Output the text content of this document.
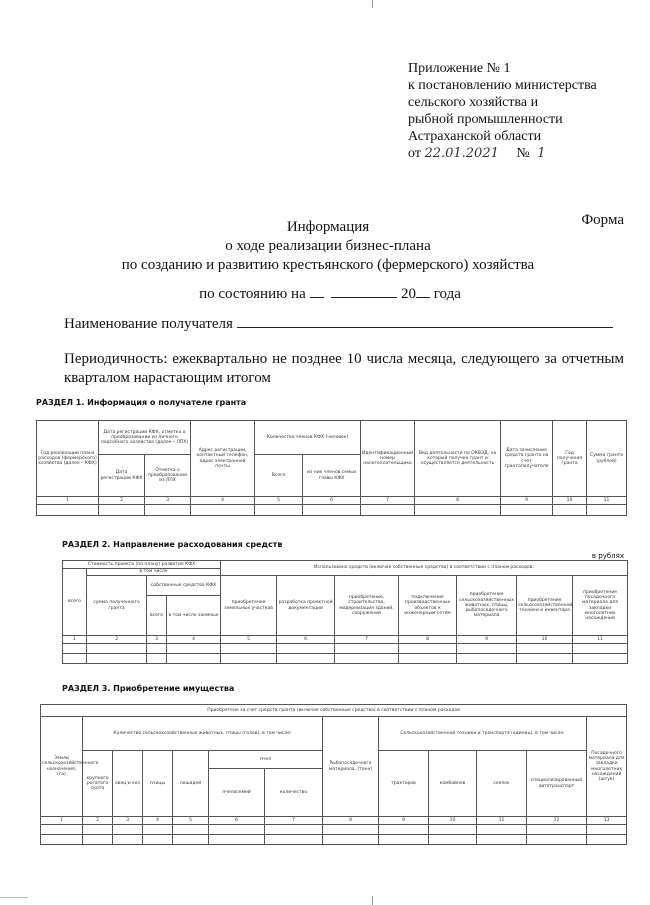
Приложение № 1
к постановлению министерства
сельского хозяйства и
рыбной промышленности
Астраханской области
от 22.01.2021 № 1
Форма
Информация
о ходе реализации бизнес-плана
по созданию и развитию крестьянского (фермерского) хозяйства
по состоянию на	20 года
Наименование получателя
Периодичность: ежеквартально не позднее 10 числа месяца, следующего за отчетным кварталом нарастающим итогом
РАЗДЕЛ 1. Информация о получателе гранта
Год реализации плана расходов (фермерского) хозяйства (далее – КФХ)	Дата регистрации КФХ, отметка о преобразовании из личного подсобного хозяйства (далее – ЛПХ)		Адрес регистрации, контактный телефон, адрес электронной почты	Количество членов КФХ (человек)		Идентификационный номер налогоплательщика	Вид деятельности по ОКВЭД, на который получен грант и осуществляется деятельность	Дата зачисления средств гранта на счет грантополучателя	Год получения гранта	Сумма гранта (рублей)
	Дата регистрации КФХ	Отметка о преобразовании из ЛПХ		Всего	из них членов семьи главы КФХ					
1	2	3	4	5	6	7	8	9	10	11

РАЗДЕЛ 2. Направление расходования средств
в рублях
Стоимость проекта (по плану) развития КФХ				Использовано средств (включая собственные средства) в соответствии с планом расходов:						
всего	в том числе									
	сумма полученного гранта	собственные средства КФХ		приобретение земельных участков	разработка проектной документации	приобретение, строительство, модернизация зданий, сооружений	подключение производственных объектов к инженерным сетям	приобретение сельскохозяйственных животных, птицы, рыбопосадочного материала	приобретение сельскохозяйственной техники и инвентаря	приобретение посадочного материала для закладки многолетних насаждений
		всего	в том числе заемные							
1	2	3	4	5	6	7	8	9	10	11

РАЗДЕЛ 3. Приобретение имущества
Приобретено за счет средств гранта (включая собственные средства) в соответствии с планом расходов												
Земли сельскохозяйственного назначения, (га)	Количество сельскохозяйственных животных, птицы (голов), в том числе:						Рыбопосадочного материала, (тонн)	Сельскохозяйственной техники и транспорта (единиц), в том числе:				Посадочного материала для закладки многолетних насаждений (штук)
	крупного рогатого скота	овец и коз	птицы	лошадей	пчел			тракторов	комбайнов	сеялок	специализированный автотранспорт	
					пчелосемей	количество						
1	2	3	4	5	6	7	8	9	10	11	12	13
